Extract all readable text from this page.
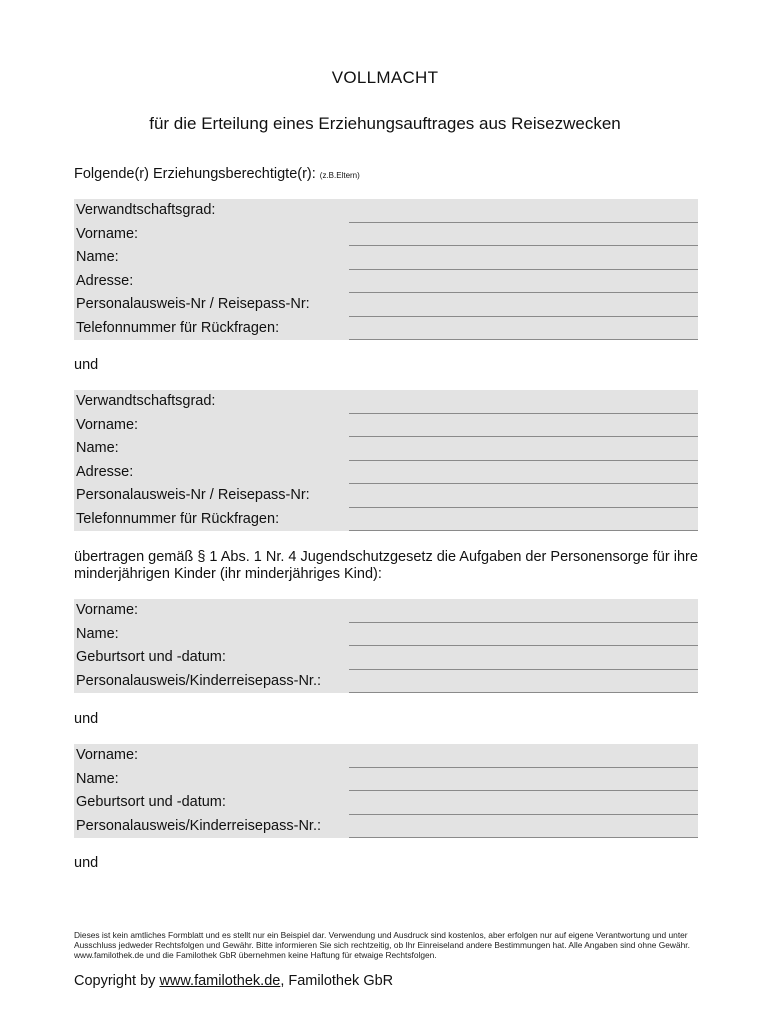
VOLLMACHT
für die Erteilung eines Erziehungsauftrages aus Reisezwecken
Folgende(r) Erziehungsberechtigte(r): (z.B.Eltern)
Verwandtschaftsgrad:
Vorname:
Name:
Adresse:
Personalausweis-Nr / Reisepass-Nr:
Telefonnummer für Rückfragen:
und
Verwandtschaftsgrad:
Vorname:
Name:
Adresse:
Personalausweis-Nr / Reisepass-Nr:
Telefonnummer für Rückfragen:
übertragen gemäß § 1 Abs. 1 Nr. 4 Jugendschutzgesetz die Aufgaben der Personensorge für ihre minderjährigen Kinder (ihr minderjähriges Kind):
Vorname:
Name:
Geburtsort und -datum:
Personalausweis/Kinderreisepass-Nr.:
und
Vorname:
Name:
Geburtsort und -datum:
Personalausweis/Kinderreisepass-Nr.:
und
Dieses ist kein amtliches Formblatt und es stellt nur ein Beispiel dar. Verwendung und Ausdruck sind kostenlos, aber erfolgen nur auf eigene Verantwortung und unter Ausschluss jedweder Rechtsfolgen und Gewähr. Bitte informieren Sie sich rechtzeitig, ob Ihr Einreiseland andere Bestimmungen hat. Alle Angaben sind ohne Gewähr. www.familothek.de und die Familothek GbR übernehmen keine Haftung für etwaige Rechtsfolgen.
Copyright by www.familothek.de, Familothek GbR
